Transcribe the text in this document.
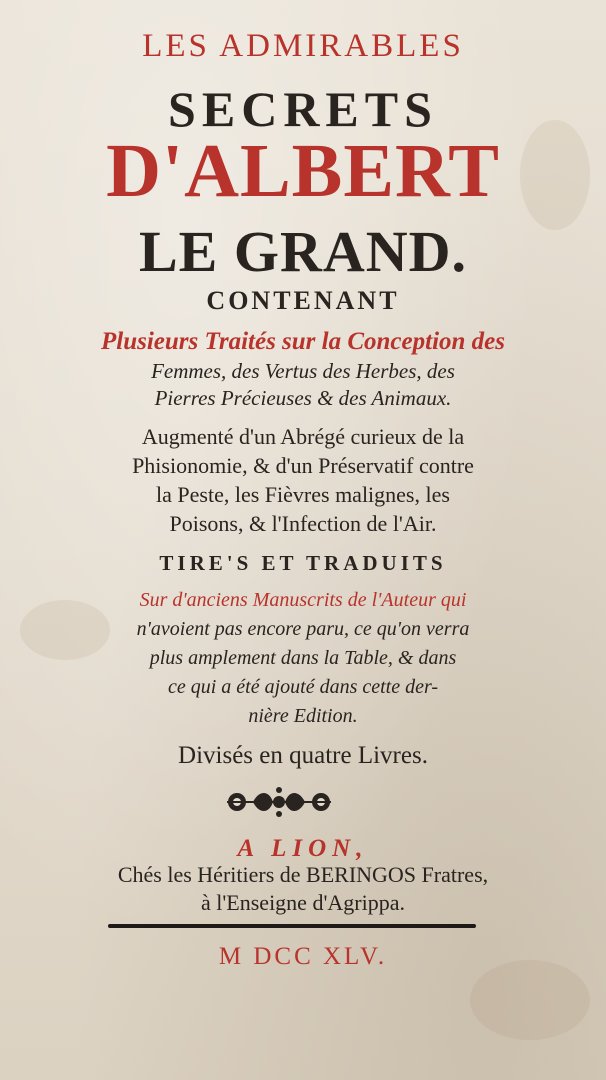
LES ADMIRABLES
SECRETS
D'ALBERT
LE GRAND.
CONTENANT
Plusieurs Traités sur la Conception des
Femmes, des Vertus des Herbes, des
Pierres Précieuses & des Animaux.
Augmenté d'un Abrégé curieux de la
Phisionomie, & d'un Préservatif contre
la Peste, les Fièvres malignes, les
Poisons, & l'Infection de l'Air.
TIRE'S ET TRADUITS
Sur d'anciens Manuscrits de l'Auteur qui
n'avoient pas encore paru, ce qu'on verra
plus amplement dans la Table, & dans
ce qui a été ajouté dans cette der-
nière Edition.
Divisés en quatre Livres.
A LION,
Chés les Héritiers de BERINGOS Fratres,
à l'Enseigne d'Agrippa.
M DCC XLV.
